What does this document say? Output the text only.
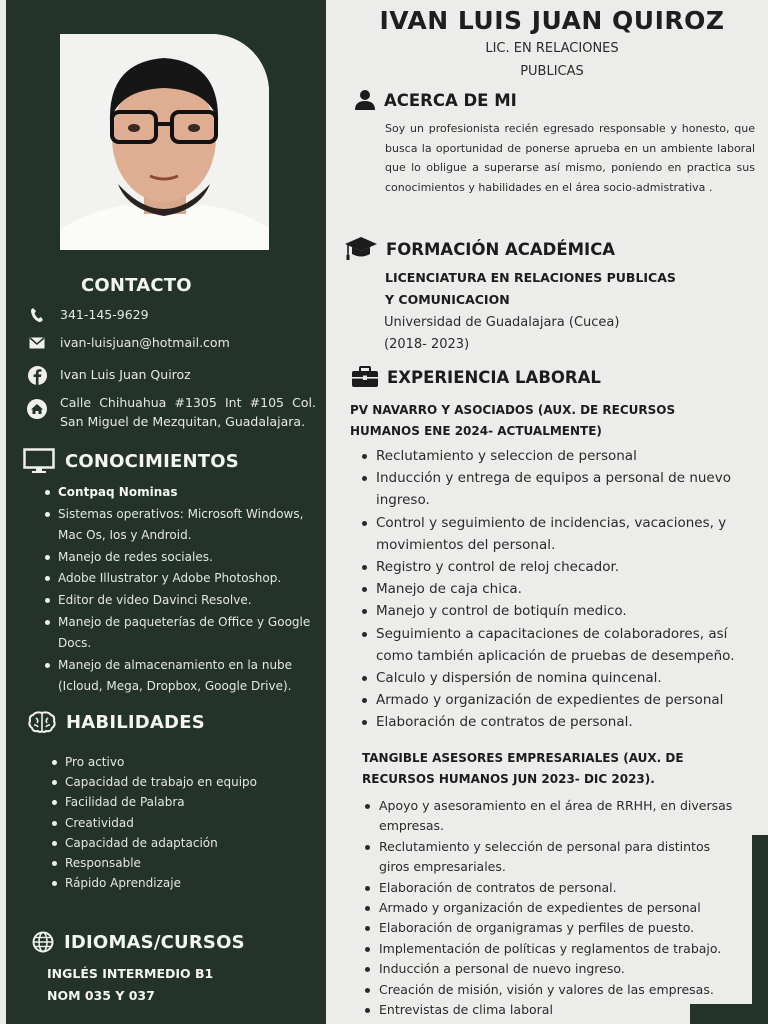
CONTACTO
341-145-9629
ivan-luisjuan@hotmail.com
Ivan Luis Juan Quiroz
Calle Chihuahua #1305 Int #105 Col. San Miguel de Mezquitan, Guadalajara.
CONOCIMIENTOS
Contpaq Nominas
Sistemas operativos: Microsoft Windows, Mac Os, Ios y Android.
Manejo de redes sociales.
Adobe Illustrator y Adobe Photoshop.
Editor de video Davinci Resolve.
Manejo de paqueterías de Office y Google Docs.
Manejo de almacenamiento en la nube (Icloud, Mega, Dropbox, Google Drive).
HABILIDADES
Pro activo
Capacidad de trabajo en equipo
Facilidad de Palabra
Creatividad
Capacidad de adaptación
Responsable
Rápido Aprendizaje
IDIOMAS/CURSOS
INGLÉS INTERMEDIO B1
NOM 035 Y 037
IVAN LUIS JUAN QUIROZ
LIC. EN RELACIONES
PUBLICAS
ACERCA DE MI

Soy un profesionista recién egresado responsable y honesto, que busca la oportunidad de ponerse aprueba en un ambiente laboral que lo obligue a superarse así mismo, poniendo en practica sus conocimientos y habilidades en el área socio-admistrativa .

FORMACIÓN ACADÉMICA
LICENCIATURA EN RELACIONES PUBLICAS
Y COMUNICACION
Universidad de Guadalajara (Cucea)
(2018- 2023)
EXPERIENCIA LABORAL
PV NAVARRO Y ASOCIADOS (AUX. DE RECURSOS
HUMANOS ENE 2024- ACTUALMENTE)
Reclutamiento y seleccion de personal
Inducción y entrega de equipos a personal de nuevo ingreso.
Control y seguimiento de incidencias, vacaciones, y movimientos del personal.
Registro y control de reloj checador.
Manejo de caja chica.
Manejo y control de botiquín medico.
Seguimiento a capacitaciones de colaboradores, así como también aplicación de pruebas de desempeño.
Calculo y dispersión de nomina quincenal.
Armado y organización de expedientes de personal
Elaboración de contratos de personal.
TANGIBLE ASESORES EMPRESARIALES (AUX. DE
RECURSOS HUMANOS JUN 2023- DIC 2023).
Apoyo y asesoramiento en el área de RRHH, en diversas empresas.
Reclutamiento y selección de personal para distintos giros empresariales.
Elaboración de contratos de personal.
Armado y organización de expedientes de personal
Elaboración de organigramas y perfiles de puesto.
Implementación de políticas y reglamentos de trabajo.
Inducción a personal de nuevo ingreso.
Creación de misión, visión y valores de las empresas.
Entrevistas de clima laboral
